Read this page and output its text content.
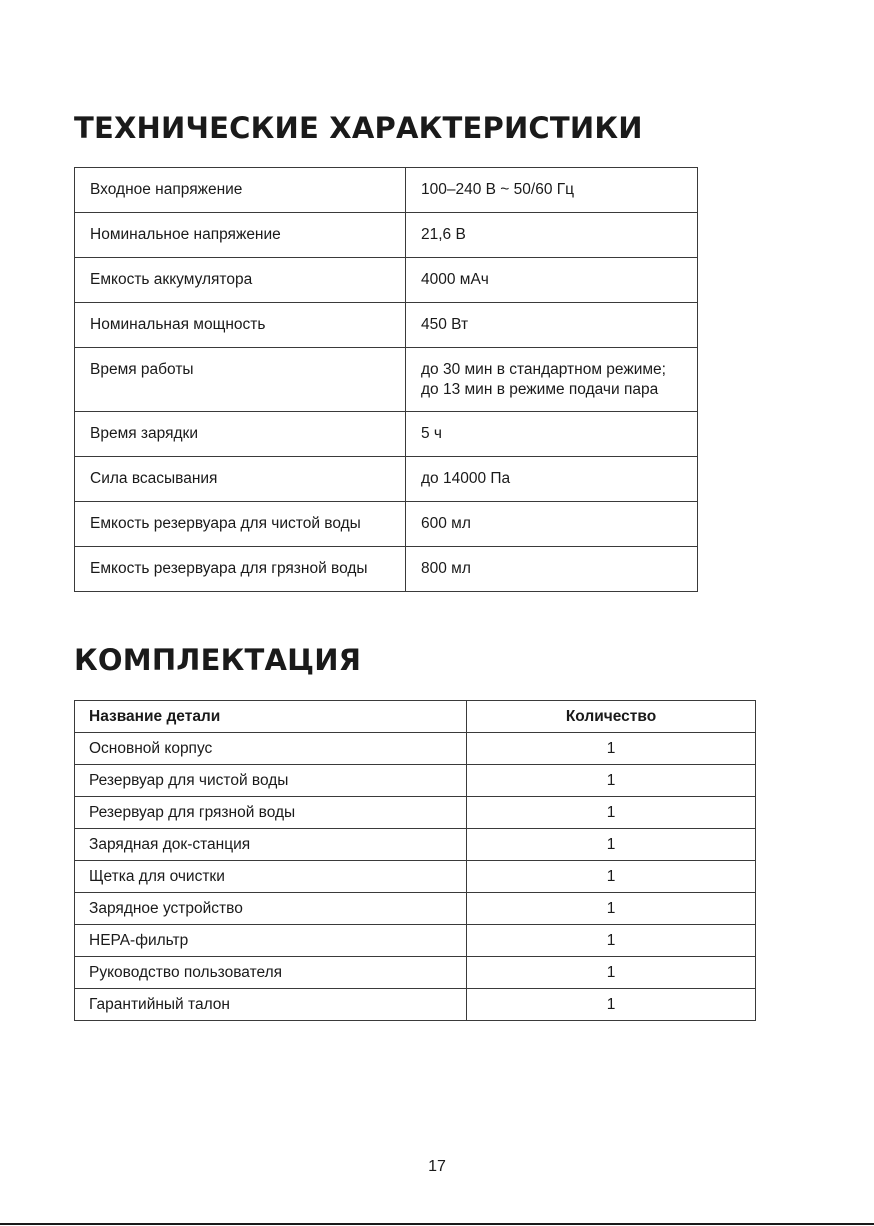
ТЕХНИЧЕСКИЕ ХАРАКТЕРИСТИКИ
Входное напряжение	100–240 В ~ 50/60 Гц
Номинальное напряжение	21,6 В
Емкость аккумулятора	4000 мАч
Номинальная мощность	450 Вт
Время работы	до 30 мин в стандартном режиме;
до 13 мин в режиме подачи пара

Время зарядки	5 ч
Сила всасывания	до 14000 Па
Емкость резервуара для чистой воды	600 мл
Емкость резервуара для грязной воды	800 мл
КОМПЛЕКТАЦИЯ
Название детали	Количество
Основной корпус	1
Резервуар для чистой воды	1
Резервуар для грязной воды	1
Зарядная док-станция	1
Щетка для очистки	1
Зарядное устройство	1
HEPA-фильтр	1
Руководство пользователя	1
Гарантийный талон	1
17
